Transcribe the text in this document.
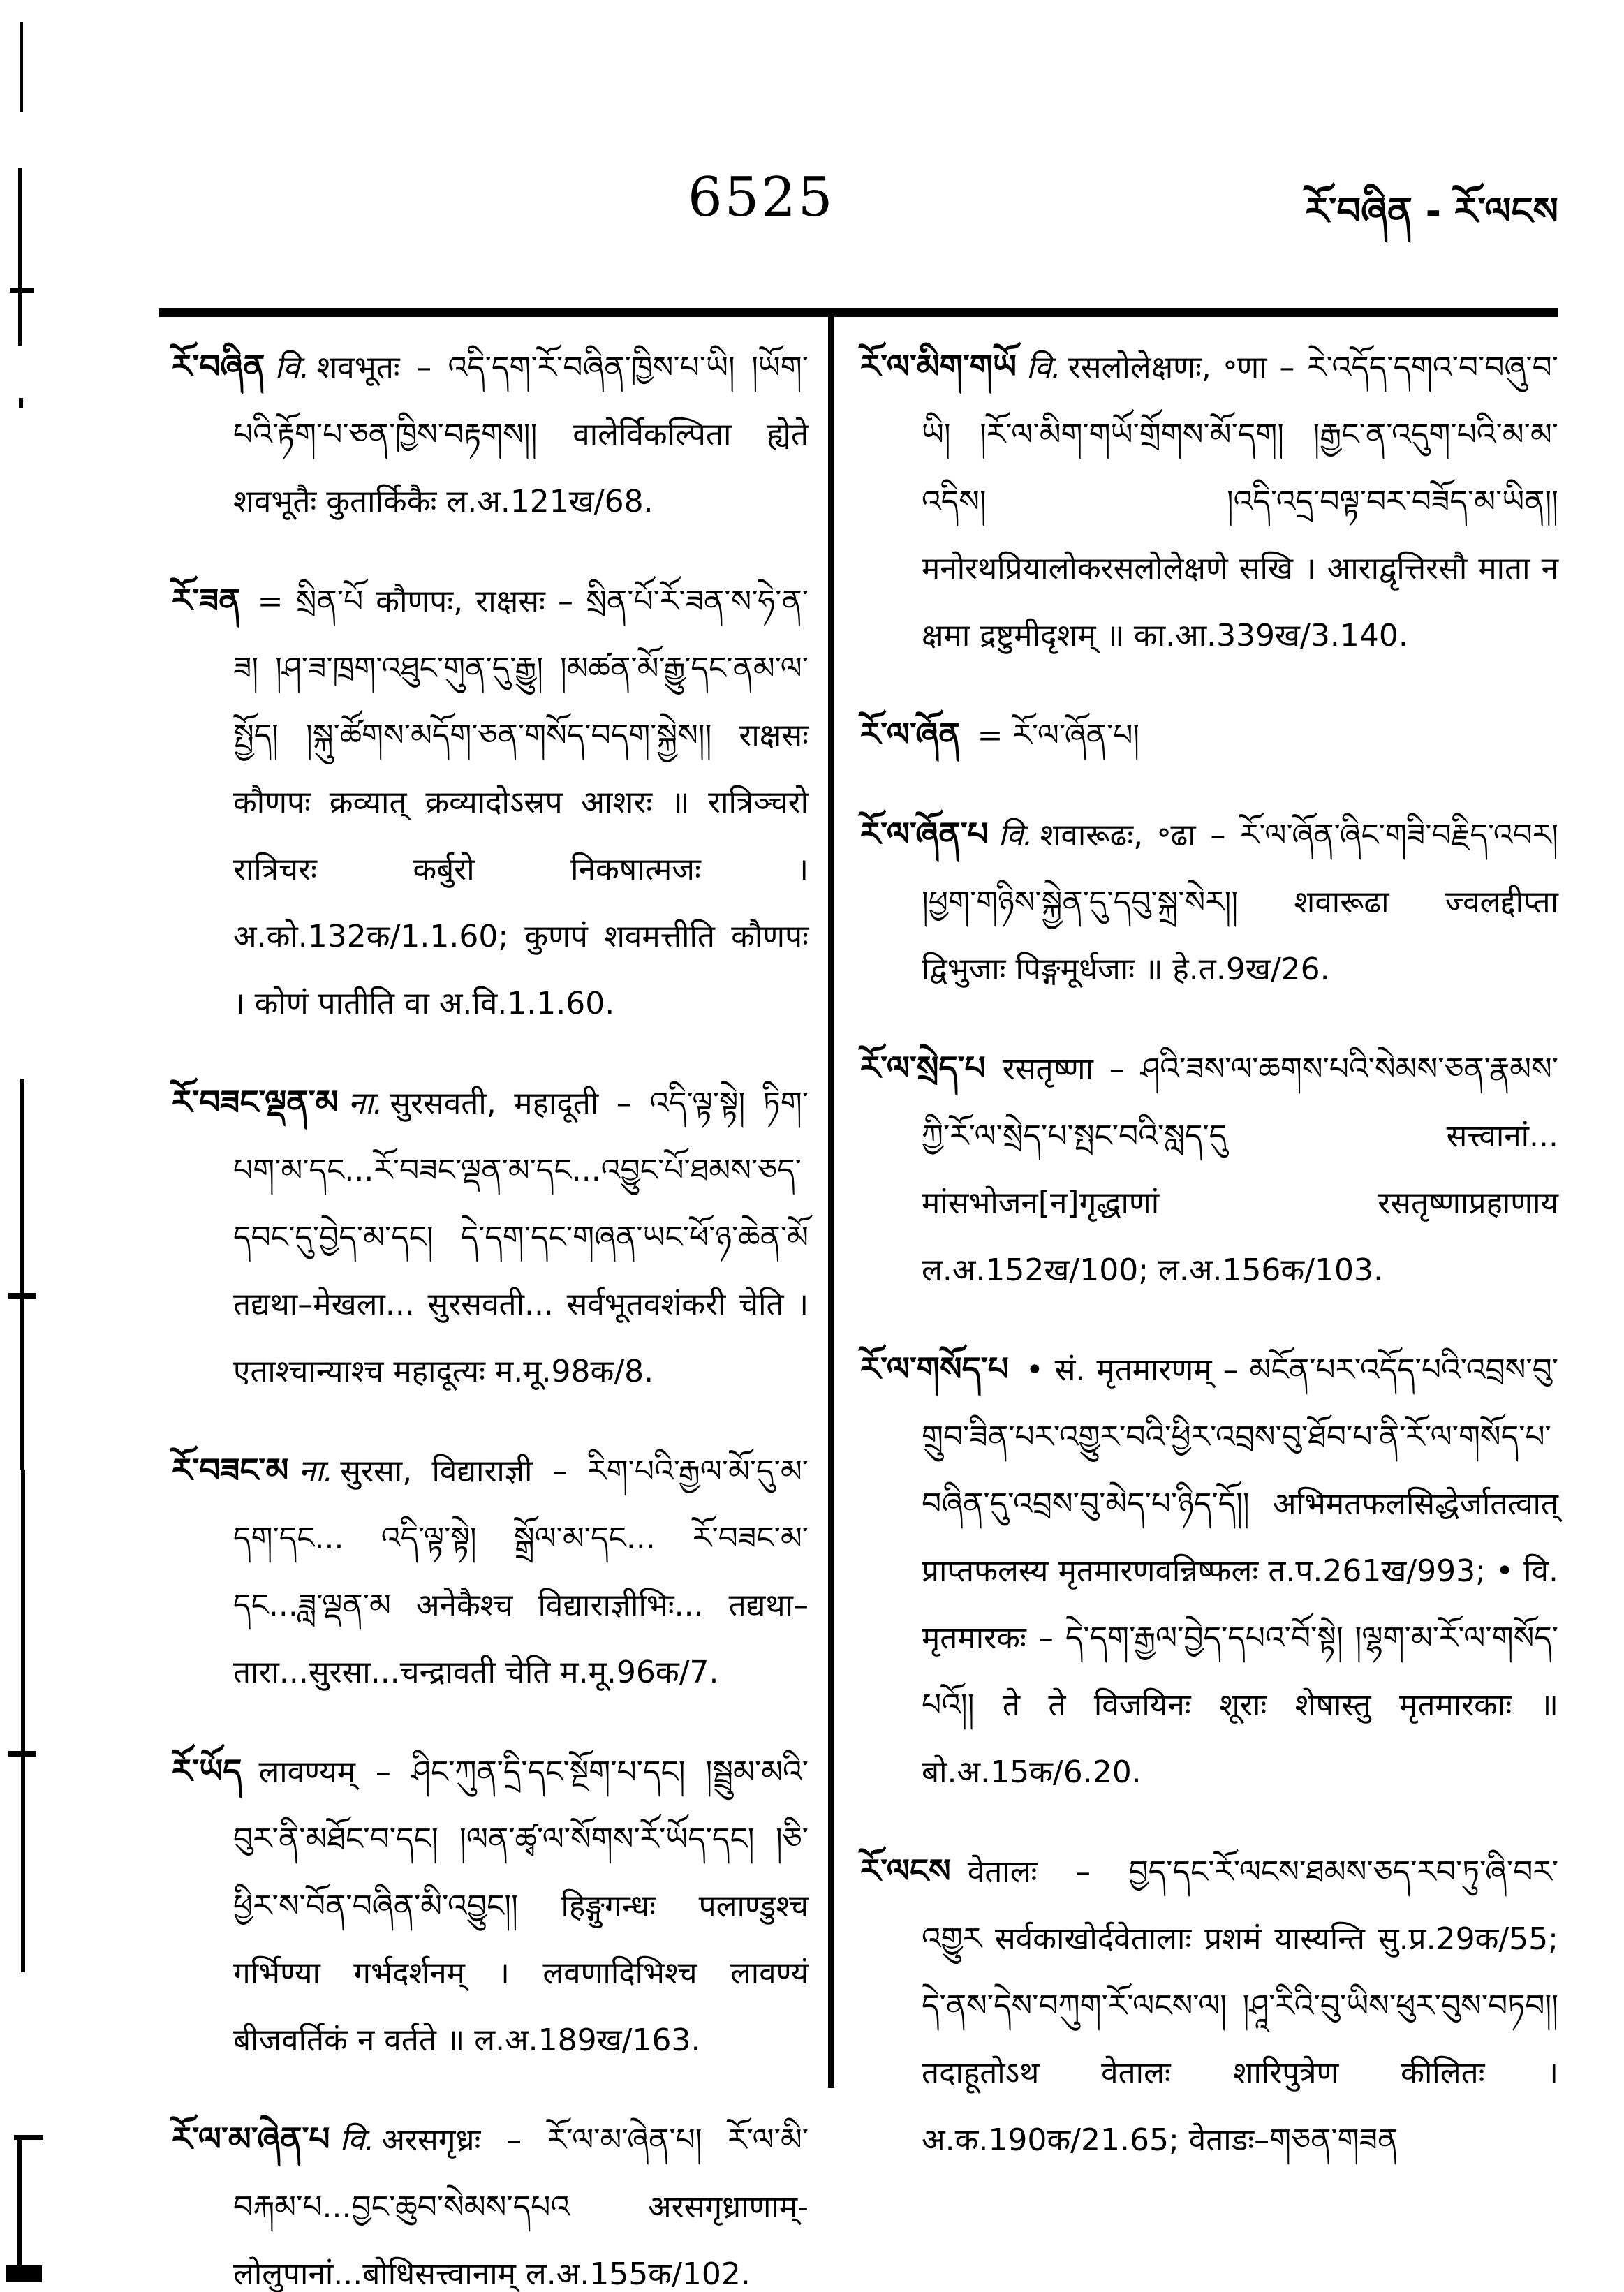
6525	རོ་བཞིན - རོ་ལངས

རོ་བཞིན वि. शवभूतः – འདི་དག་རོ་བཞིན་ཁྱིས་པ་ཡི། །ཡོག་པའི་རྟོག་པ་ཅན་ཁྱིས་བརྟགས།། वालेर्विकल्पिता ह्येते शवभूतैः कुतार्किकैः ल.अ.121ख/68.

རོ་ཟན = སྲིན་པོ कौणपः, राक्षसः – སྲིན་པོ་རོ་ཟན་ས་ཧེ་ན་ཟ། །ཤ་ཟ་ཁྲག་འཐུང་གུན་དུ་རྒྱུ། །མཚན་མོ་རྒྱུ་དང་ནམ་ལ་སྤྱོད། །སྐུ་ཚོགས་མདོག་ཅན་གསོད་བདག་སྐྱེས།། राक्षसः कौणपः क्रव्यात् क्रव्यादोऽस्रप आशरः ॥ रात्रिञ्चरो रात्रिचरः कर्बुरो निकषात्मजः । अ.को.132क/1.1.60; कुणपं शवमत्तीति कौणपः । कोणं पातीति वा अ.वि.1.1.60.

རོ་བཟང་ལྡན་མ ना. सुरसवती, महादूती – འདི་ལྟ་སྟེ། ཏིག་པག་མ་དང...རོ་བཟང་ལྡན་མ་དང...འབྱུང་པོ་ཐམས་ཅད་དབང་དུ་བྱེད་མ་དང། དེ་དག་དང་གཞན་ཡང་ཕོ་ཉ་ཆེན་མོ तद्यथा–मेखला... सुरसवती... सर्वभूतवशंकरी चेति । एताश्चान्याश्च महादूत्यः म.मू.98क/8.

རོ་བཟང་མ ना. सुरसा, विद्याराज्ञी – རིག་པའི་རྒྱལ་མོ་དུ་མ་དག་དང... འདི་ལྟ་སྟེ། སྒྲོལ་མ་དང... རོ་བཟང་མ་དང...ཟླ་ལྡན་མ अनेकैश्च विद्याराज्ञीभिः... तद्यथा–तारा...सुरसा...चन्द्रावती चेति म.मू.96क/7.

རོ་ཡོད लावण्यम् – ཤིང་ཀུན་དྲི་དང་སྔོག་པ་དང། །སྦྲུམ་མའི་བུར་ནི་མཐོང་བ་དང། །ལན་ཚྭ་ལ་སོགས་རོ་ཡོད་དང། །ཅི་ཕྱིར་ས་བོན་བཞིན་མི་འབྱུང།། हिङ्गुगन्धः पलाण्डुश्च गर्भिण्या गर्भदर्शनम् । लवणादिभिश्च लावण्यं बीजवर्तिकं न वर्तते ॥ ल.अ.189ख/163.

རོ་ལ་མ་ཞེན་པ वि. अरसगृध्रः – རོ་ལ་མ་ཞེན་པ། རོ་ལ་མི་བརྐམ་པ...བྱང་ཆུབ་སེམས་དཔའ अरसगृध्राणाम्-लोलुपानां...बोधिसत्त्वानाम् ल.अ.155क/102.

རོ་ལ་མིག་གཡོ वि. रसलोलेक्षणः, ॰णा – རེ་འདོད་དགའ་བ་བཞུ་བ་ཡི། །རོ་ལ་མིག་གཡོ་གྲོགས་མོ་དག། །རྒྱང་ན་འདུག་པའི་མ་མ་འདིས། །འདི་འདྲ་བལྟ་བར་བཟོད་མ་ཡིན།། मनोरथप्रियालोकरसलोलेक्षणे सखि । आराद्वृत्तिरसौ माता न क्षमा द्रष्टुमीदृशम् ॥ का.आ.339ख/3.140.

རོ་ལ་ཞོན = རོ་ལ་ཞོན་པ།

རོ་ལ་ཞོན་པ वि. शवारूढः, ॰ढा – རོ་ལ་ཞོན་ཞིང་གཟི་བརྗིད་འབར། །ཕྱག་གཉིས་སྐྱེན་དུ་དབུ་སྐྲ་སེར།། शवारूढा ज्वलद्दीप्ता द्विभुजाः पिङ्गमूर्धजाः ॥ हे.त.9ख/26.

རོ་ལ་སྲེད་པ रसतृष्णा – ཤའི་ཟས་ལ་ཆགས་པའི་སེམས་ཅན་རྣམས་ཀྱི་རོ་ལ་སྲེད་པ་སྤང་བའི་སླད་དུ सत्त्वानां... मांसभोजन[न]गृद्धाणां रसतृष्णाप्रहाणाय ल.अ.152ख/100; ल.अ.156क/103.

རོ་ལ་གསོད་པ • सं. मृतमारणम् – མངོན་པར་འདོད་པའི་འབྲས་བུ་གྲུབ་ཟིན་པར་འགྱུར་བའི་ཕྱིར་འབྲས་བུ་ཐོབ་པ་ནི་རོ་ལ་གསོད་པ་བཞིན་དུ་འབྲས་བུ་མེད་པ་ཉིད་དོ།། अभिमतफलसिद्धेर्जातत्वात् प्राप्तफलस्य मृतमारणवन्निष्फलः त.प.261ख/993; • वि. मृतमारकः – དེ་དག་རྒྱལ་བྱེད་དཔའ་བོ་སྟེ། །ལྷག་མ་རོ་ལ་གསོད་པའོ།། ते ते विजयिनः शूराः शेषास्तु मृतमारकाः ॥ बो.अ.15क/6.20.

རོ་ལངས वेतालः – བྱད་དང་རོ་ལངས་ཐམས་ཅད་རབ་ཏུ་ཞི་བར་འགྱུར सर्वकाखोर्दवेतालाः प्रशमं यास्यन्ति सु.प्र.29क/55; དེ་ནས་དེས་བཀུག་རོ་ལངས་ལ། །ཤཱ་རིའི་བུ་ཡིས་ཕུར་བུས་བཏབ།། तदाहूतोऽथ वेतालः शारिपुत्रेण कीलितः । अ.क.190क/21.65; वेताडः–གཅན་གཟན
